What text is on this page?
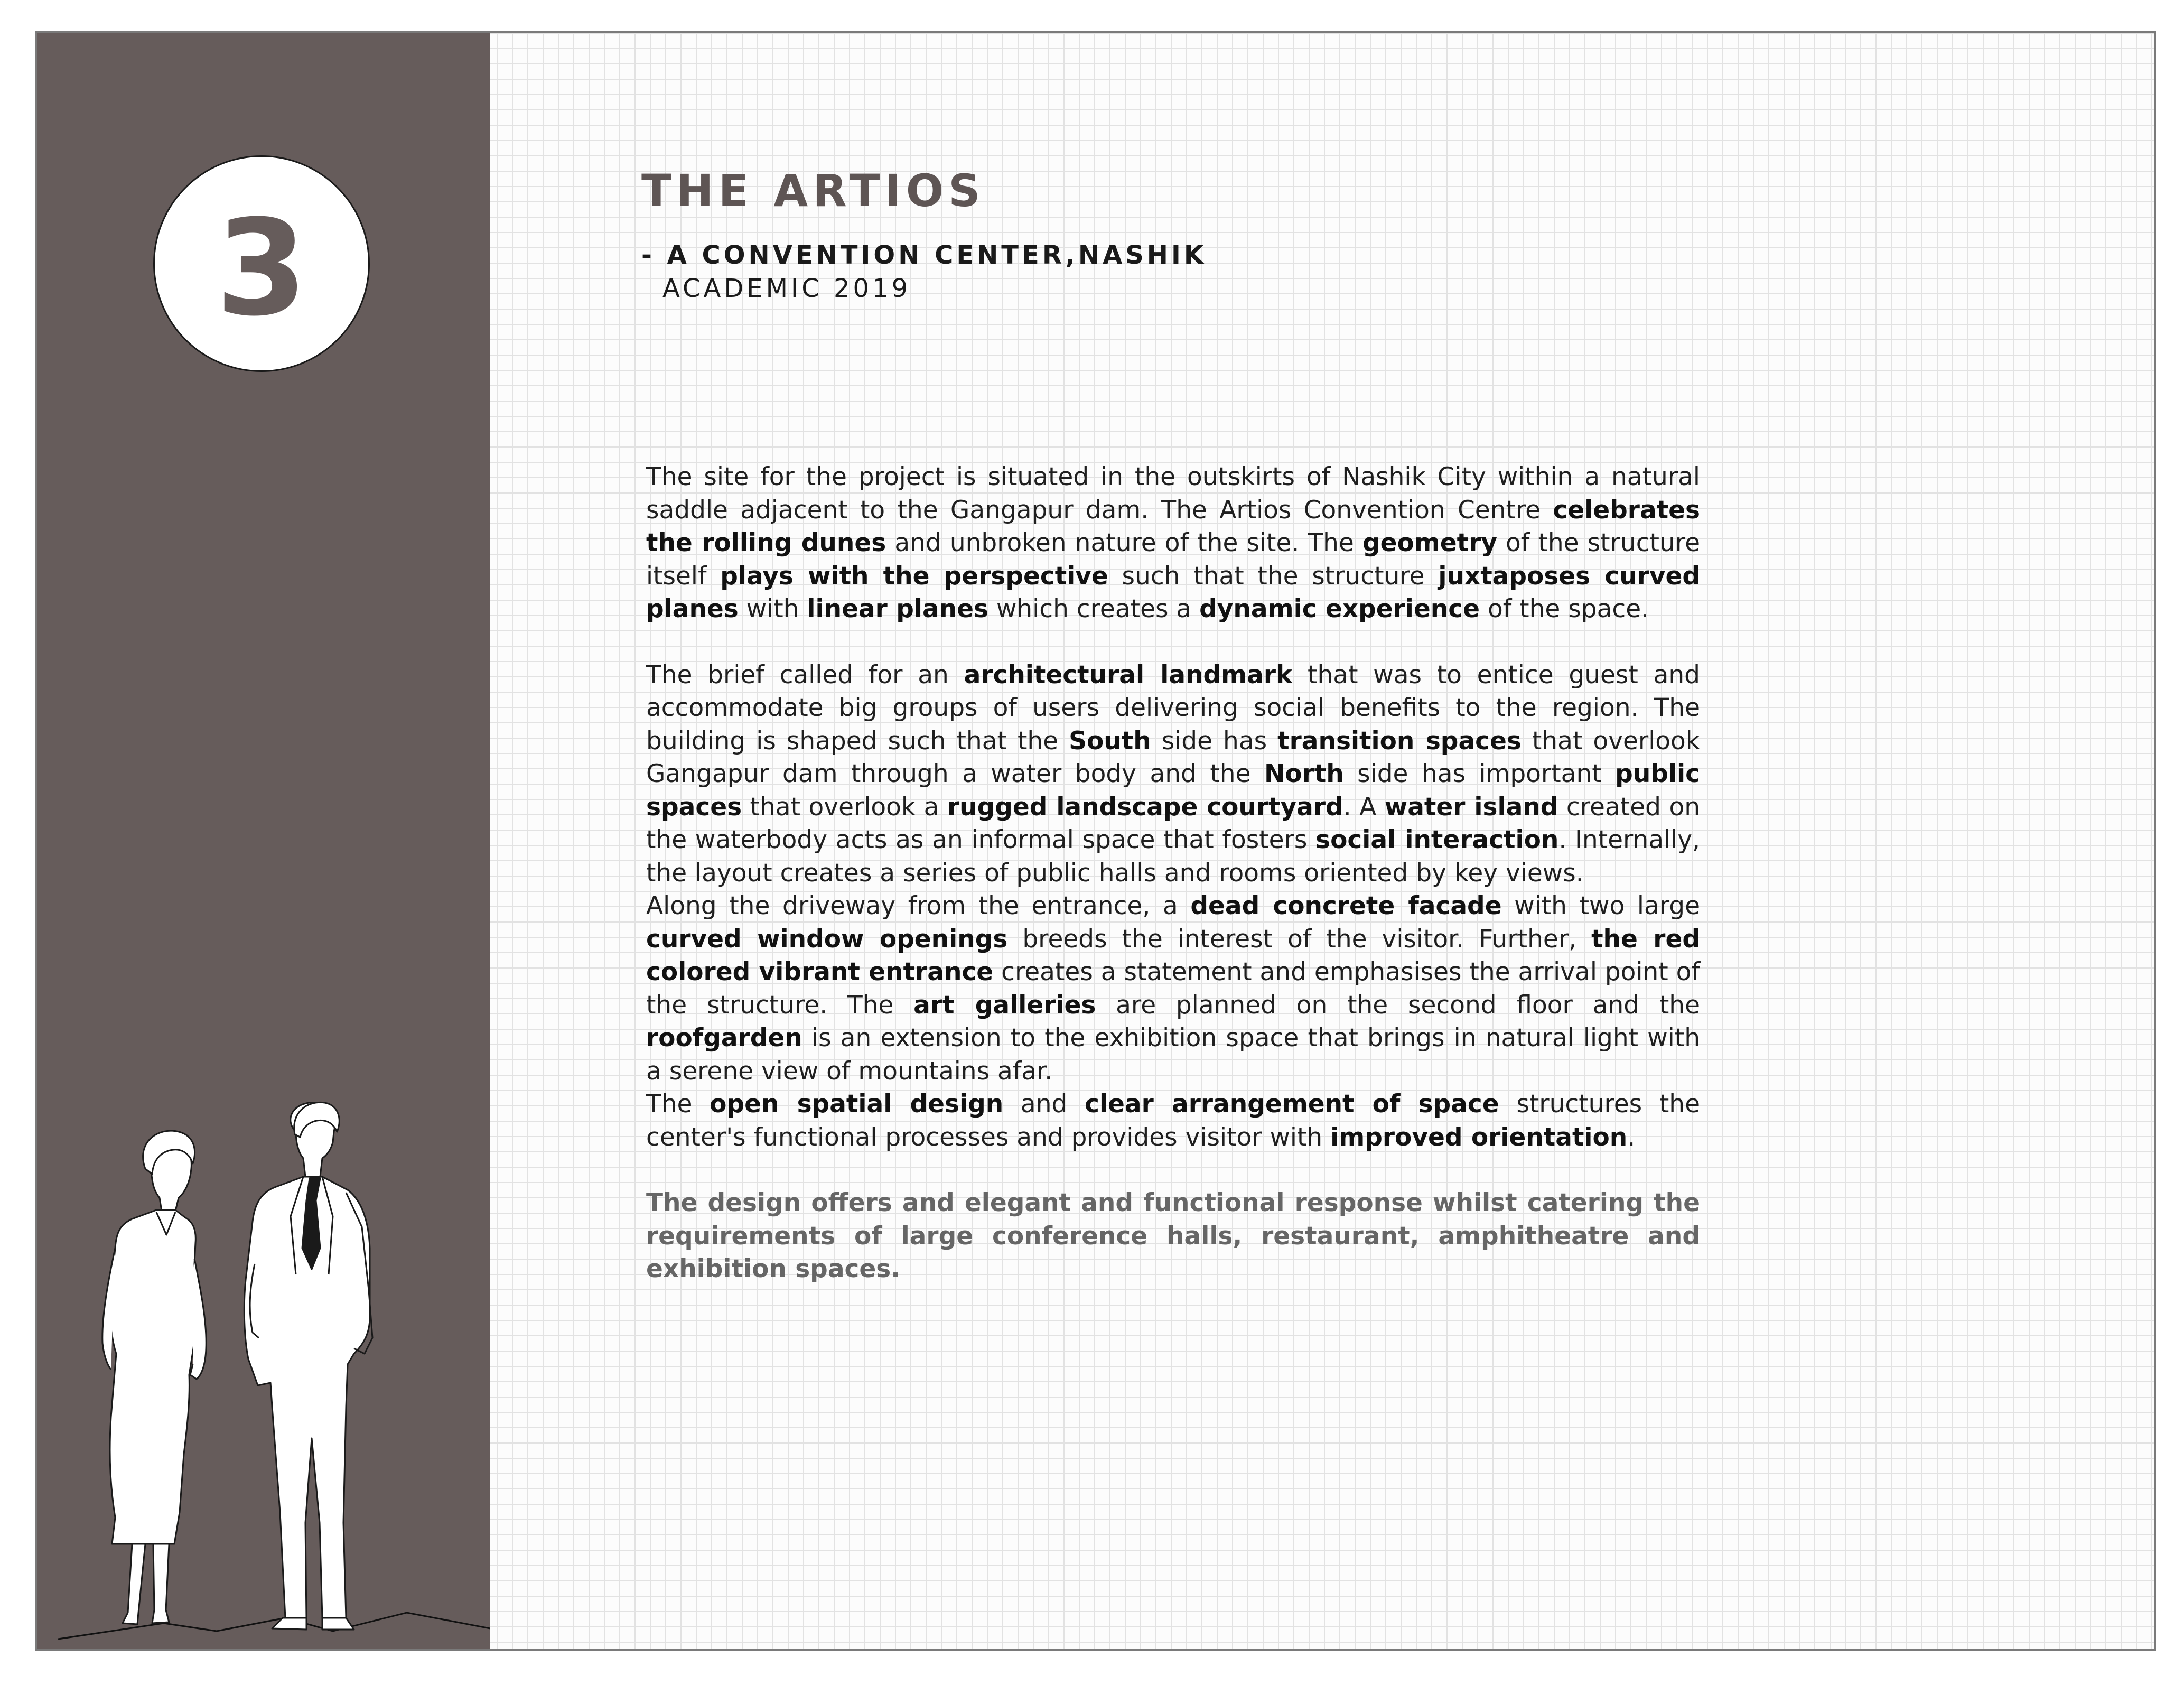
3
THE ARTIOS
- A CONVENTION CENTER,NASHIK
ACADEMIC 2019

The site for the project is situated in the outskirts of Nashik City within a natural saddle adjacent to the Gangapur dam. The Artios Convention Centre celebrates the rolling dunes and unbroken nature of the site. The geometry of the structure itself plays with the perspective such that the structure juxtaposes curved planes with linear planes which creates a dynamic experience of the space.

The brief called for an architectural landmark that was to entice guest and accommodate big groups of users delivering social benefits to the region. The building is shaped such that the South side has transition spaces that overlook Gangapur dam through a water body and the North side has important public spaces that overlook a rugged landscape courtyard. A water island created on the waterbody acts as an informal space that fosters social interaction. Internally, the layout creates a series of public halls and rooms oriented by key views.

Along the driveway from the entrance, a dead concrete facade with two large curved window openings breeds the interest of the visitor. Further, the red colored vibrant entrance creates a statement and emphasises the arrival point of the structure. The art galleries are planned on the second floor and the roofgarden is an extension to the exhibition space that brings in natural light with a serene view of mountains afar.

The open spatial design and clear arrangement of space structures the center's functional processes and provides visitor with improved orientation.

The design offers and elegant and functional response whilst catering the requirements of large conference halls, restaurant, amphitheatre and exhibition spaces.
